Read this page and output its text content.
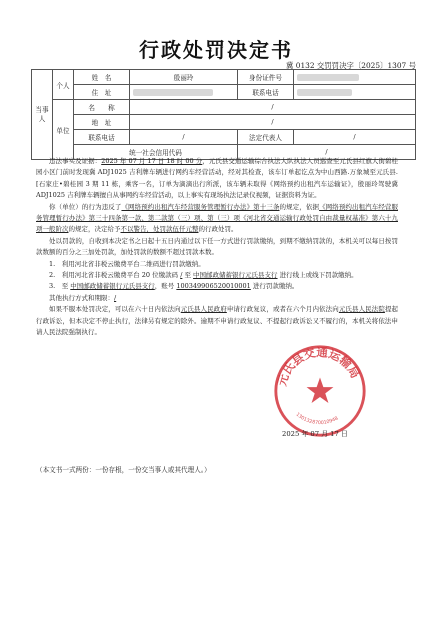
行政处罚决定书
冀 0132 交罚罚决字〔2025〕1307 号
当事人	个人	姓　名	殷丽玲	身份证件号	
		住　址		联系电话	
	单位	名　　称	/		
		地　址	/		
		联系电话	/	法定代表人	/
		统一社会信用代码		/	

违法事实及证据：2025 年 07 月 17 日 18 时 00 分，元氏县交通运输综合执法大队执法人员巡查至元氏县红旗大街碧桂园小区门前时发现冀 ADJ1025 吉利牌车辆进行网约车经营活动，经对其检查，该车订单起讫点为中山西路.万象城至元氏县.[石家庄•碧桂园 3 期 11 栋，乘客一名，订单为滴滴出行所派，该车辆未取得《网络预约出租汽车运输证》，殷丽玲驾驶冀 ADJ1025 吉利牌车辆擅自从事网约车经营活动，以上事实有现场执法记录仪视频，证据资料为证。

你（单位）的行为违反了《网络预约出租汽车经营服务管理暂行办法》第十三条的规定，依据《网络预约出租汽车经营服务管理暂行办法》第三十四条第一款、第二款第（三）项、第（三）项《河北省交通运输行政处罚自由裁量权基准》第六十九项一般阶次的规定，决定给予不以警告，处罚款伍仟元整的行政处罚。

处以罚款的，自收到本决定书之日起十五日内通过以下任一方式进行罚款缴纳，到期不缴纳罚款的，本机关可以每日按罚款数额的百分之三加处罚款，加处罚款的数额不超过罚款本数。

1.　利用河北省非税云缴费平台二维码进行罚款缴纳。

2.　利用河北省非税云缴费平台 20 位缴款码 / 至 中国邮政储蓄银行元氏县支行 进行线上或线下罚款缴纳。

3.　至 中国邮政储蓄银行元氏县支行，账号 100349906520010001 进行罚款缴纳。

其他执行方式和期限：/

如果不服本处罚决定，可以在六十日内依法向元氏县人民政府申请行政复议，或者在六个月内依法向元氏县人民法院提起行政诉讼，但本决定不停止执行，法律另有规定的除外。逾期不申请行政复议、不提起行政诉讼又不履行的，本机关将依法申请人民法院强制执行。

元氏县交通运输局
130132870010948
2025 年 07 月 17 日
（本文书一式两份：一份存根，一份交当事人或其代理人。）
